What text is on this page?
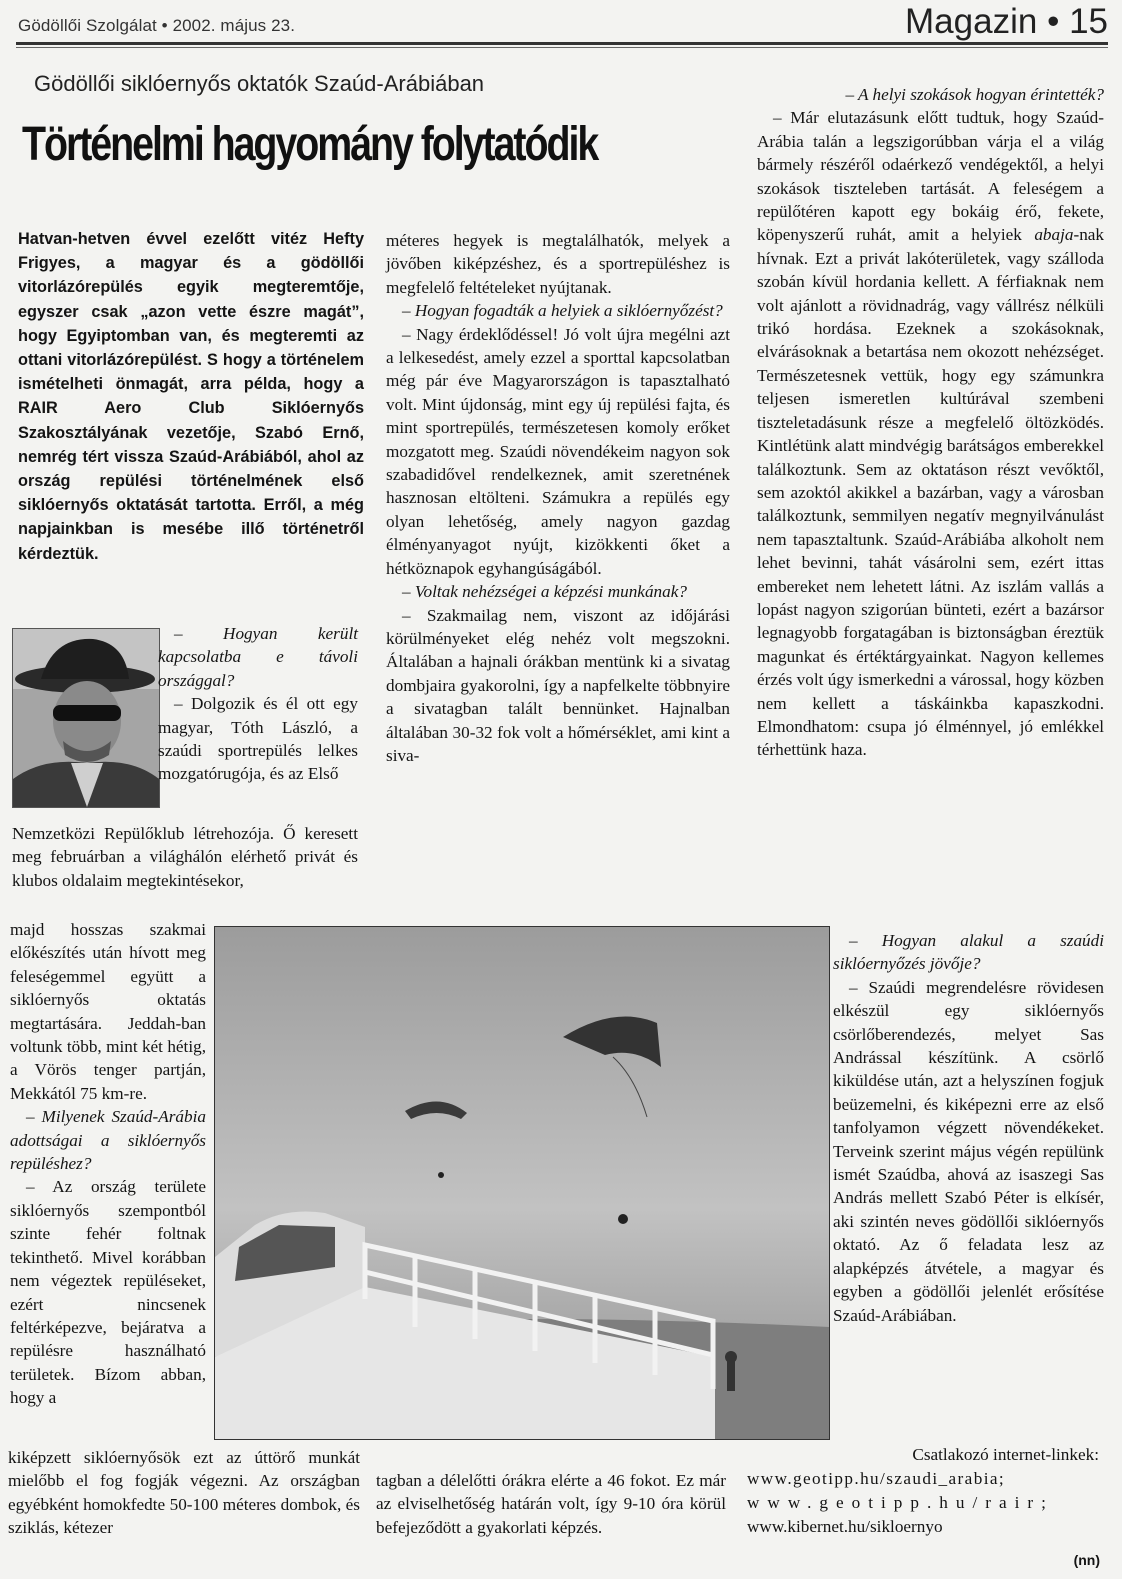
Gödöllői Szolgálat • 2002. május 23.	Magazin • 15
Gödöllői siklóernyős oktatók Szaúd-Arábiában
Történelmi hagyomány folytatódik
Hatvan-hetven évvel ezelőtt vitéz Hefty Frigyes, a magyar és a gödöllői vitorlázórepülés egyik megteremtője, egyszer csak „azon vette észre magát”, hogy Egyiptomban van, és megteremti az ottani vitorlázórepülést. S hogy a történelem ismételheti önmagát, arra példa, hogy a RAIR Aero Club Siklóernyős Szakosztályának vezetője, Szabó Ernő, nemrég tért vissza Szaúd-Arábiából, ahol az ország repülési történelmének első siklóernyős oktatását tartotta. Erről, a még napjainkban is mesébe illő történetről kérdeztük.

– Hogyan került kapcsolatba e távoli országgal?

– Dolgozik és él ott egy magyar, Tóth László, a szaúdi sportrepülés lelkes mozgatórugója, és az Első

Nemzetközi Repülőklub létrehozója. Ő keresett meg februárban a világhálón elérhető privát és klubos oldalaim megtekintésekor,

majd hosszas szakmai előkészítés után hívott meg feleségemmel együtt a siklóernyős oktatás megtartására. Jeddah-ban voltunk több, mint két hétig, a Vörös tenger partján, Mekkától 75 km-re.

– Milyenek Szaúd-Arábia adottságai a siklóernyős repüléshez?

– Az ország területe siklóernyős szempontból szinte fehér foltnak tekinthető. Mivel korábban nem végeztek repüléseket, ezért nincsenek feltérképezve, bejáratva a repülésre használható területek. Bízom abban, hogy a

kiképzett siklóernyősök ezt az úttörő munkát mielőbb el fog fogják végezni. Az országban egyébként homokfedte 50-100 méteres dombok, és sziklás, kétezer

méteres hegyek is megtalálhatók, melyek a jövőben kiképzéshez, és a sportrepüléshez is megfelelő feltételeket nyújtanak.

– Hogyan fogadták a helyiek a siklóernyőzést?

– Nagy érdeklődéssel! Jó volt újra megélni azt a lelkesedést, amely ezzel a sporttal kapcsolatban még pár éve Magyarországon is tapasztalható volt. Mint újdonság, mint egy új repülési fajta, és mint sportrepülés, természetesen komoly erőket mozgatott meg. Szaúdi növendékeim nagyon sok szabadidővel rendelkeznek, amit szeretnének hasznosan eltölteni. Számukra a repülés egy olyan lehetőség, amely nagyon gazdag élményanyagot nyújt, kizökkenti őket a hétköznapok egyhangúságából.

– Voltak nehézségei a képzési munkának?

– Szakmailag nem, viszont az időjárási körülményeket elég nehéz volt megszokni. Általában a hajnali órákban mentünk ki a sivatag dombjaira gyakorolni, így a napfelkelte többnyire a sivatagban talált bennünket. Hajnalban általában 30-32 fok volt a hőmérséklet, ami kint a siva-

tagban a délelőtti órákra elérte a 46 fokot. Ez már az elviselhetőség határán volt, így 9-10 óra körül befejeződött a gyakorlati képzés.

– A helyi szokások hogyan érintették?

– Már elutazásunk előtt tudtuk, hogy Szaúd-Arábia talán a legszigorúbban várja el a világ bármely részéről odaérkező vendégektől, a helyi szokások tiszteleben tartását. A feleségem a repülőtéren kapott egy bokáig érő, fekete, köpenyszerű ruhát, amit a helyiek abaja-nak hívnak. Ezt a privát lakóterületek, vagy szálloda szobán kívül hordania kellett. A férfiaknak nem volt ajánlott a rövidnadrág, vagy vállrész nélküli trikó hordása. Ezeknek a szokásoknak, elvárásoknak a betartása nem okozott nehézséget. Természetesnek vettük, hogy egy számunkra teljesen ismeretlen kultúrával szembeni tiszteletadásunk része a megfelelő öltözködés. Kintlétünk alatt mindvégig barátságos emberekkel találkoztunk. Sem az oktatáson részt vevőktől, sem azoktól akikkel a bazárban, vagy a városban találkoztunk, semmilyen negatív megnyilvánulást nem tapasztaltunk. Szaúd-Arábiába alkoholt nem lehet bevinni, tahát vásárolni sem, ezért ittas embereket nem lehetett látni. Az iszlám vallás a lopást nagyon szigorúan bünteti, ezért a bazársor legnagyobb forgatagában is biztonságban éreztük magunkat és értéktárgyainkat. Nagyon kellemes érzés volt úgy ismerkedni a várossal, hogy közben nem kellett a táskáinkba kapaszkodni. Elmondhatom: csupa jó élménnyel, jó emlékkel térhettünk haza.

– Hogyan alakul a szaúdi siklóernyőzés jövője?

– Szaúdi megrendelésre rövidesen elkészül egy siklóernyős csörlőberendezés, melyet Sas Andrással készítünk. A csörlő kiküldése után, azt a helyszínen fogjuk beüzemelni, és kiképezni erre az első tanfolyamon végzett növendékeket. Terveink szerint május végén repülünk ismét Szaúdba, ahová az isaszegi Sas András mellett Szabó Péter is elkísér, aki szintén neves gödöllői siklóernyős oktató. Az ő feladata lesz az alapképzés átvétele, a magyar és egyben a gödöllői jelenlét erősítése Szaúd-Arábiában.

Csatlakozó internet-linkek:
www.geotipp.hu/szaudi_arabia;
www.geotipp.hu/rair;
www.kibernet.hu/sikloernyo
(nn)
